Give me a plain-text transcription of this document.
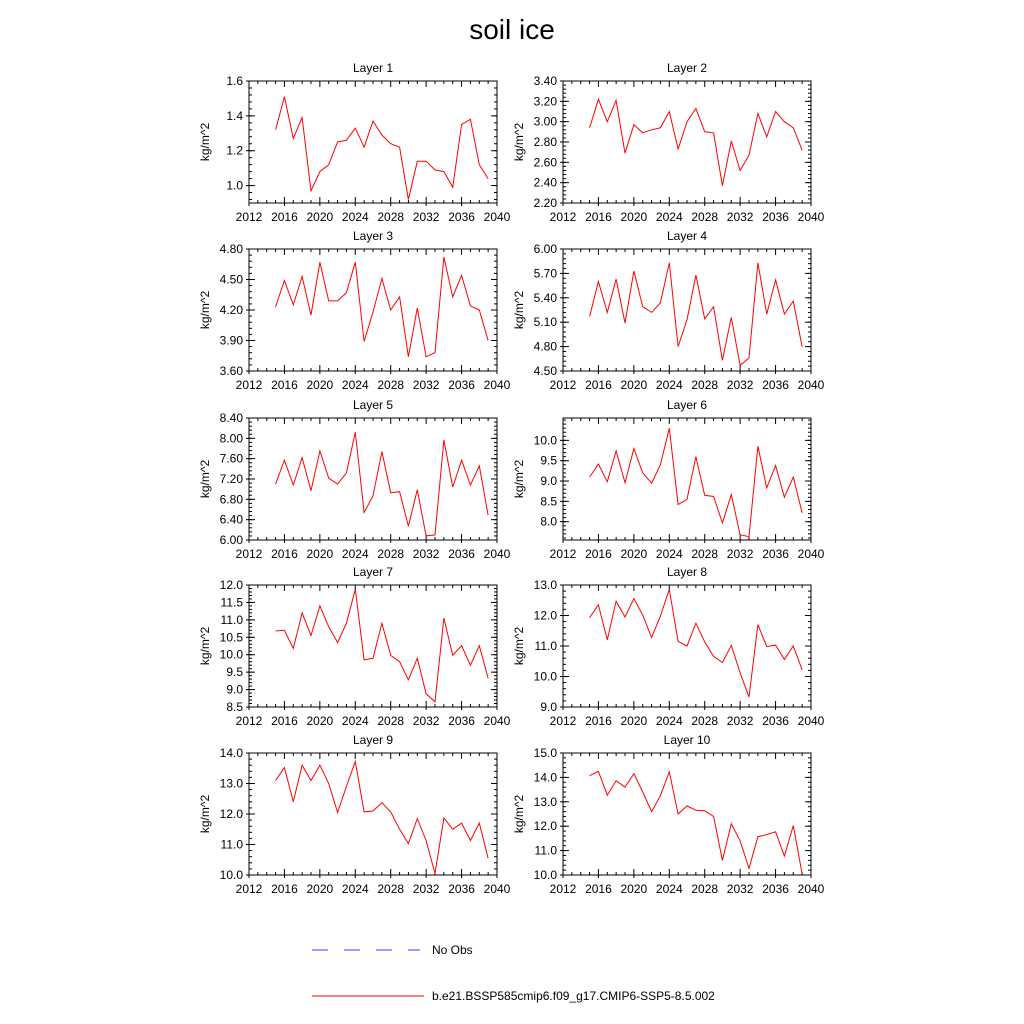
soil ice
Layer 1
kg/m^2
2012 2016 2020 2024 2028 2032 2036 2040
1.0
1.2
1.4
1.6
Layer 2
kg/m^2
2012 2016 2020 2024 2028 2032 2036 2040
2.20
2.40
2.60
2.80
3.00
3.20
3.40
Layer 3
kg/m^2
2012 2016 2020 2024 2028 2032 2036 2040
3.60
3.90
4.20
4.50
4.80
Layer 4
kg/m^2
2012 2016 2020 2024 2028 2032 2036 2040
4.50
4.80
5.10
5.40
5.70
6.00
Layer 5
kg/m^2
2012 2016 2020 2024 2028 2032 2036 2040
6.00
6.40
6.80
7.20
7.60
8.00
8.40
Layer 6
kg/m^2
2012 2016 2020 2024 2028 2032 2036 2040
8.0
8.5
9.0
9.5
10.0
Layer 7
kg/m^2
2012 2016 2020 2024 2028 2032 2036 2040
8.5
9.0
9.5
10.0
10.5
11.0
11.5
12.0
Layer 8
kg/m^2
2012 2016 2020 2024 2028 2032 2036 2040
9.0
10.0
11.0
12.0
13.0
Layer 9
kg/m^2
2012 2016 2020 2024 2028 2032 2036 2040
10.0
11.0
12.0
13.0
14.0
Layer 10
kg/m^2
2012 2016 2020 2024 2028 2032 2036 2040
10.0
11.0
12.0
13.0
14.0
15.0
No Obs
b.e21.BSSP585cmip6.f09_g17.CMIP6-SSP5-8.5.002
